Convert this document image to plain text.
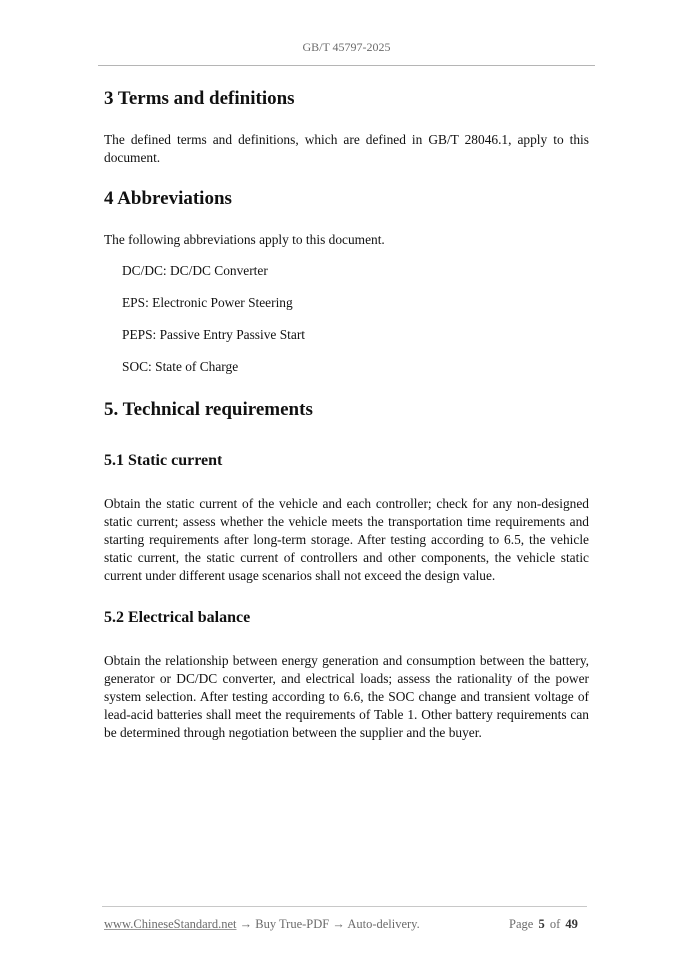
GB/T 45797-2025
3 Terms and definitions

The defined terms and definitions, which are defined in GB/T 28046.1, apply to this document.

4 Abbreviations

The following abbreviations apply to this document.

DC/DC: DC/DC Converter

EPS: Electronic Power Steering

PEPS: Passive Entry Passive Start

SOC: State of Charge

5. Technical requirements
5.1 Static current

Obtain the static current of the vehicle and each controller; check for any non-designed static current; assess whether the vehicle meets the transportation time requirements and starting requirements after long-term storage. After testing according to 6.5, the vehicle static current, the static current of controllers and other components, the vehicle static current under different usage scenarios shall not exceed the design value.

5.2 Electrical balance

Obtain the relationship between energy generation and consumption between the battery, generator or DC/DC converter, and electrical loads; assess the rationality of the power system selection. After testing according to 6.6, the SOC change and transient voltage of lead-acid batteries shall meet the requirements of Table 1. Other battery requirements can be determined through negotiation between the supplier and the buyer.

www.ChineseStandard.net → Buy True-PDF → Auto-delivery.	Page 5 of 49
